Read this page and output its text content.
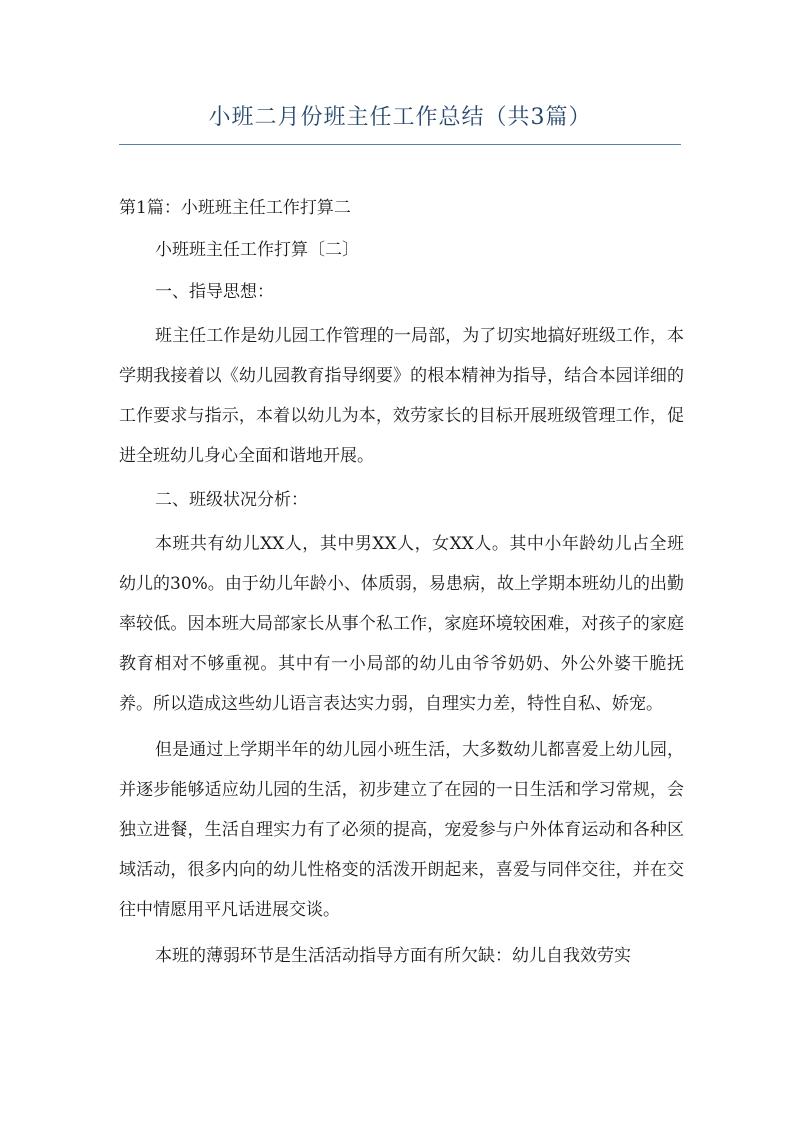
小班二月份班主任工作总结（共3篇）

第1篇：小班班主任工作打算二

小班班主任工作打算〔二〕

一、指导思想：

班主任工作是幼儿园工作管理的一局部，为了切实地搞好班级工作，本学期我接着以《幼儿园教育指导纲要》的根本精神为指导，结合本园详细的工作要求与指示，本着以幼儿为本，效劳家长的目标开展班级管理工作，促进全班幼儿身心全面和谐地开展。

二、班级状况分析：

本班共有幼儿XX人，其中男XX人，女XX人。其中小年龄幼儿占全班幼儿的30%。由于幼儿年龄小、体质弱，易患病，故上学期本班幼儿的出勤率较低。因本班大局部家长从事个私工作，家庭环境较困难，对孩子的家庭教育相对不够重视。其中有一小局部的幼儿由爷爷奶奶、外公外婆干脆抚养。所以造成这些幼儿语言表达实力弱，自理实力差，特性自私、娇宠。

但是通过上学期半年的幼儿园小班生活，大多数幼儿都喜爱上幼儿园，并逐步能够适应幼儿园的生活，初步建立了在园的一日生活和学习常规，会独立进餐，生活自理实力有了必须的提高，宠爱参与户外体育运动和各种区域活动，很多内向的幼儿性格变的活泼开朗起来，喜爱与同伴交往，并在交往中情愿用平凡话进展交谈。

本班的薄弱环节是生活活动指导方面有所欠缺：幼儿自我效劳实
